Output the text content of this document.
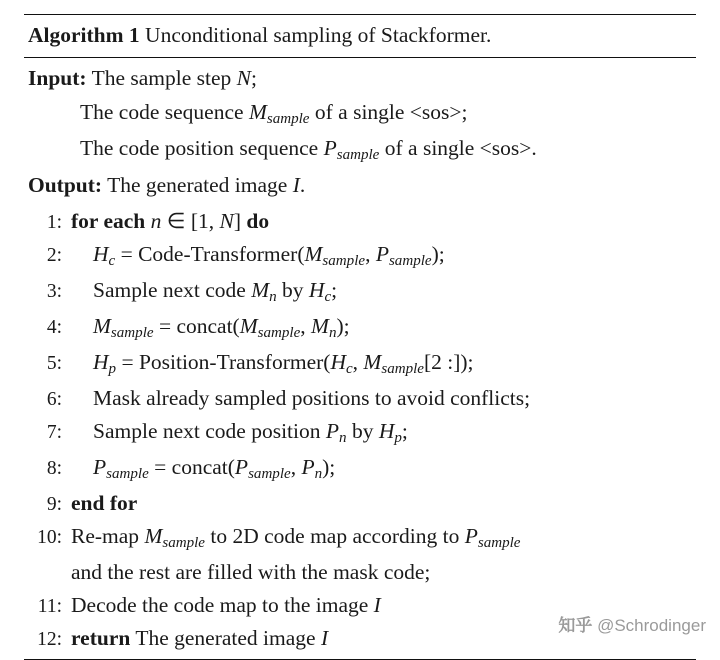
Algorithm 1 Unconditional sampling of Stackformer.
Input: The sample step N;
The code sequence $M_{sample}$ of a single <sos>;
The code position sequence $P_{sample}$ of a single <sos>.
Output: The generated image I.
1: for each n ∈ [1, N] do
2:	$H_c$ = Code-$Transformer(M_{sample}$, $P_{sample}$);
3:	Sample next code $M_n$ by $H_c$;
4:	$M_{sample}$ = $concat(M_{sample}$, $M_n$);
5:	$H_p$ = Position-$Transformer(H_c$, $M_{sample}[2$ :]);
6:	Mask already sampled positions to avoid conflicts;
7:	Sample next code position $P_n$ by $H_p$;
8:	$P_{sample}$ = $concat(P_{sample}$, $P_n$);
9: end for
10: Re-map $M_{sample}$ to 2D code map according to $P_{sample}$
and the rest are filled with the mask code;
11: Decode the code map to the image I
12: return The generated image I
知乎 @Schrodinger
